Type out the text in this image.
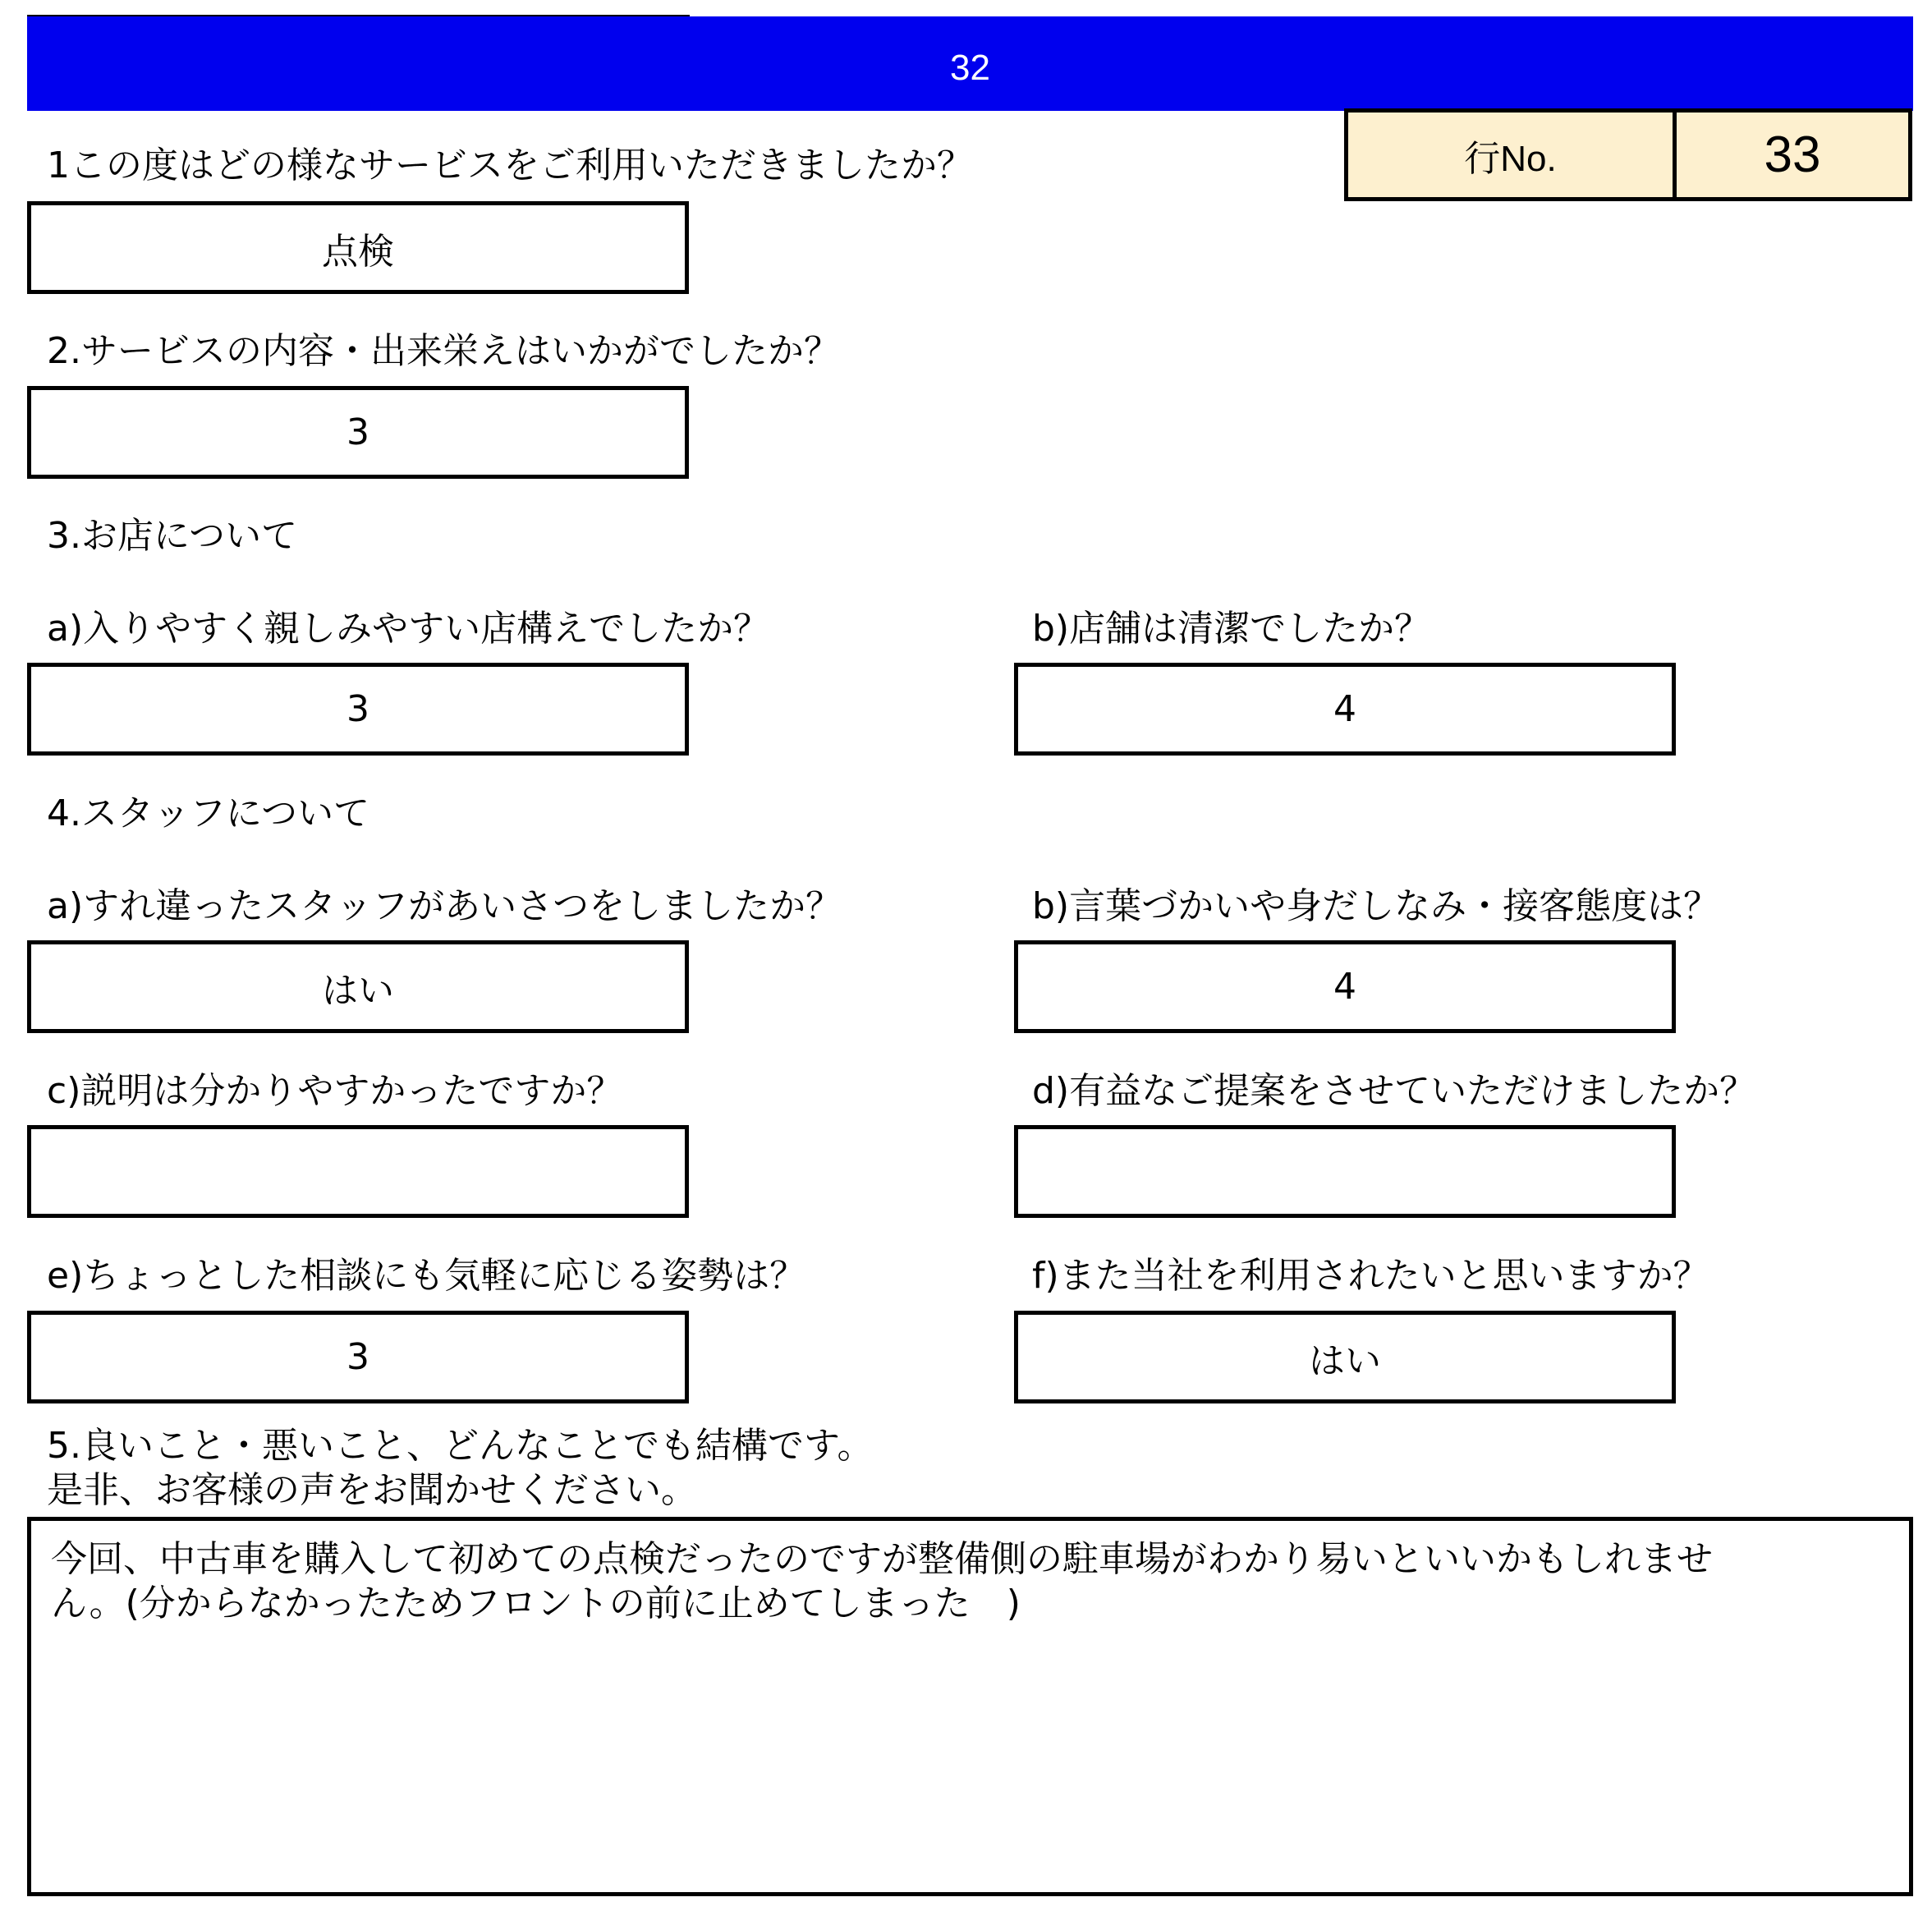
32
行No.	33
1この度はどの様なサービスをご利用いただきましたか？
点検
2.サービスの内容・出来栄えはいかがでしたか？
3
3.お店について
a)入りやすく親しみやすい店構えでしたか？	b)店舗は清潔でしたか？
3	4
4.スタッフについて
a)すれ違ったスタッフがあいさつをしましたか？	b)言葉づかいや身だしなみ・接客態度は？
はい	4
c)説明は分かりやすかったですか？	d)有益なご提案をさせていただけましたか？
e)ちょっとした相談にも気軽に応じる姿勢は？	f)また当社を利用されたいと思いますか？
3	はい
5.良いこと・悪いこと、どんなことでも結構です。
是非、お客様の声をお聞かせください。
今回、中古車を購入して初めての点検だったのですが整備側の駐車場がわかり易いといいかもしれませ
ん。(分からなかったためフロントの前に止めてしまった　)
